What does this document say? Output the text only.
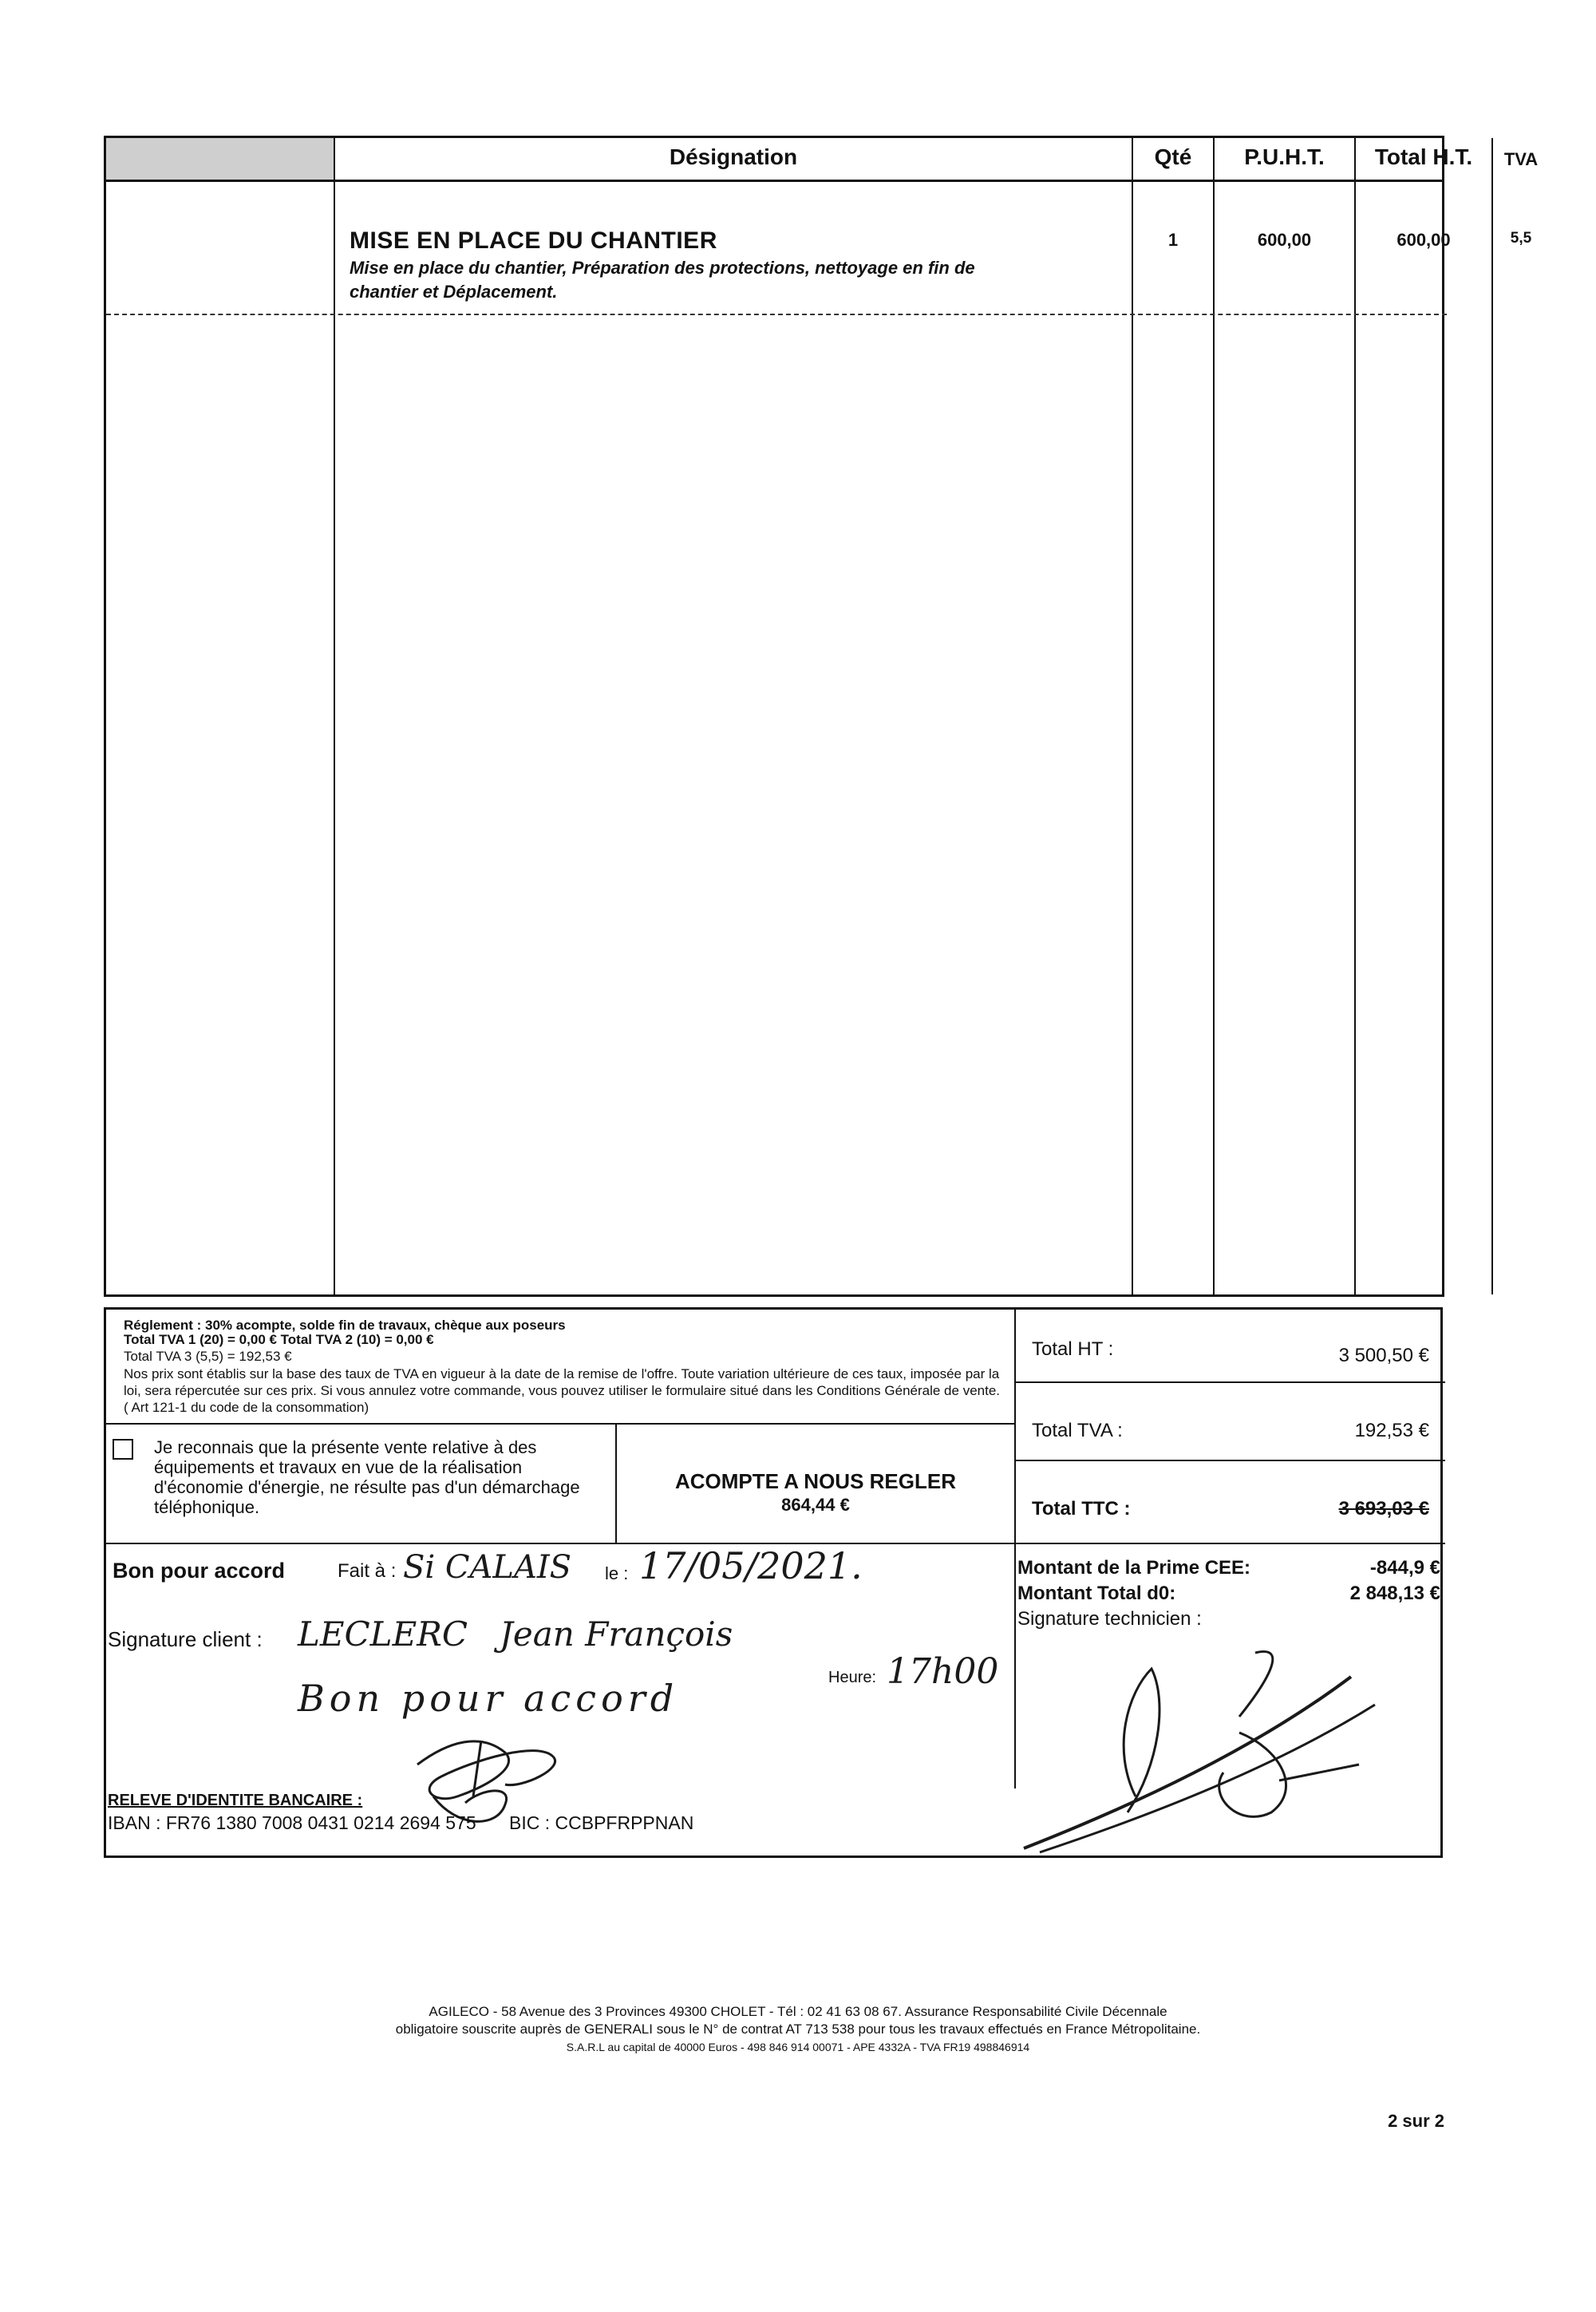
Désignation	Qté	P.U.H.T.	Total H.T.	TVA
MISE EN PLACE DU CHANTIER
Mise en place du chantier, Préparation des protections, nettoyage en fin de chantier et Déplacement.
1	600,00	600,00	5,5
Réglement : 30% acompte, solde fin de travaux, chèque aux poseurs
Total TVA 1 (20) = 0,00 € Total TVA 2 (10) = 0,00 €
Total TVA 3 (5,5) = 192,53 €
Nos prix sont établis sur la base des taux de TVA en vigueur à la date de la remise de l'offre. Toute variation ultérieure de ces taux, imposée par la loi, sera répercutée sur ces prix. Si vous annulez votre commande, vous pouvez utiliser le formulaire situé dans les Conditions Générale de vente. ( Art 121-1 du code de la consommation)
Je reconnais que la présente vente relative à des équipements et travaux en vue de la réalisation d'économie d'énergie, ne résulte pas d'un démarchage téléphonique.
ACOMPTE A NOUS REGLER
864,44 €
Total HT :	3 500,50 €
Total TVA :	192,53 €
Total TTC :	3 693,03 €
Bon pour accord	Fait à : Si CALAIS le : 17/05/2021.
Signature client : LECLERC   Jean François
Bon pour accord	Heure: 17h00
Montant de la Prime CEE:	-844,9 €
Montant Total d0:	2 848,13 €
Signature technicien :
RELEVE D'IDENTITE BANCAIRE :
IBAN : FR76 1380 7008 0431 0214 2694 575 BIC : CCBPFRPPNAN
AGILECO - 58 Avenue des 3 Provinces 49300 CHOLET - Tél : 02 41 63 08 67. Assurance Responsabilité Civile Décennale
obligatoire souscrite auprès de GENERALI sous le N° de contrat AT 713 538 pour tous les travaux effectués en France Métropolitaine.
S.A.R.L au capital de 40000 Euros - 498 846 914 00071 - APE 4332A - TVA FR19 498846914
2 sur 2
